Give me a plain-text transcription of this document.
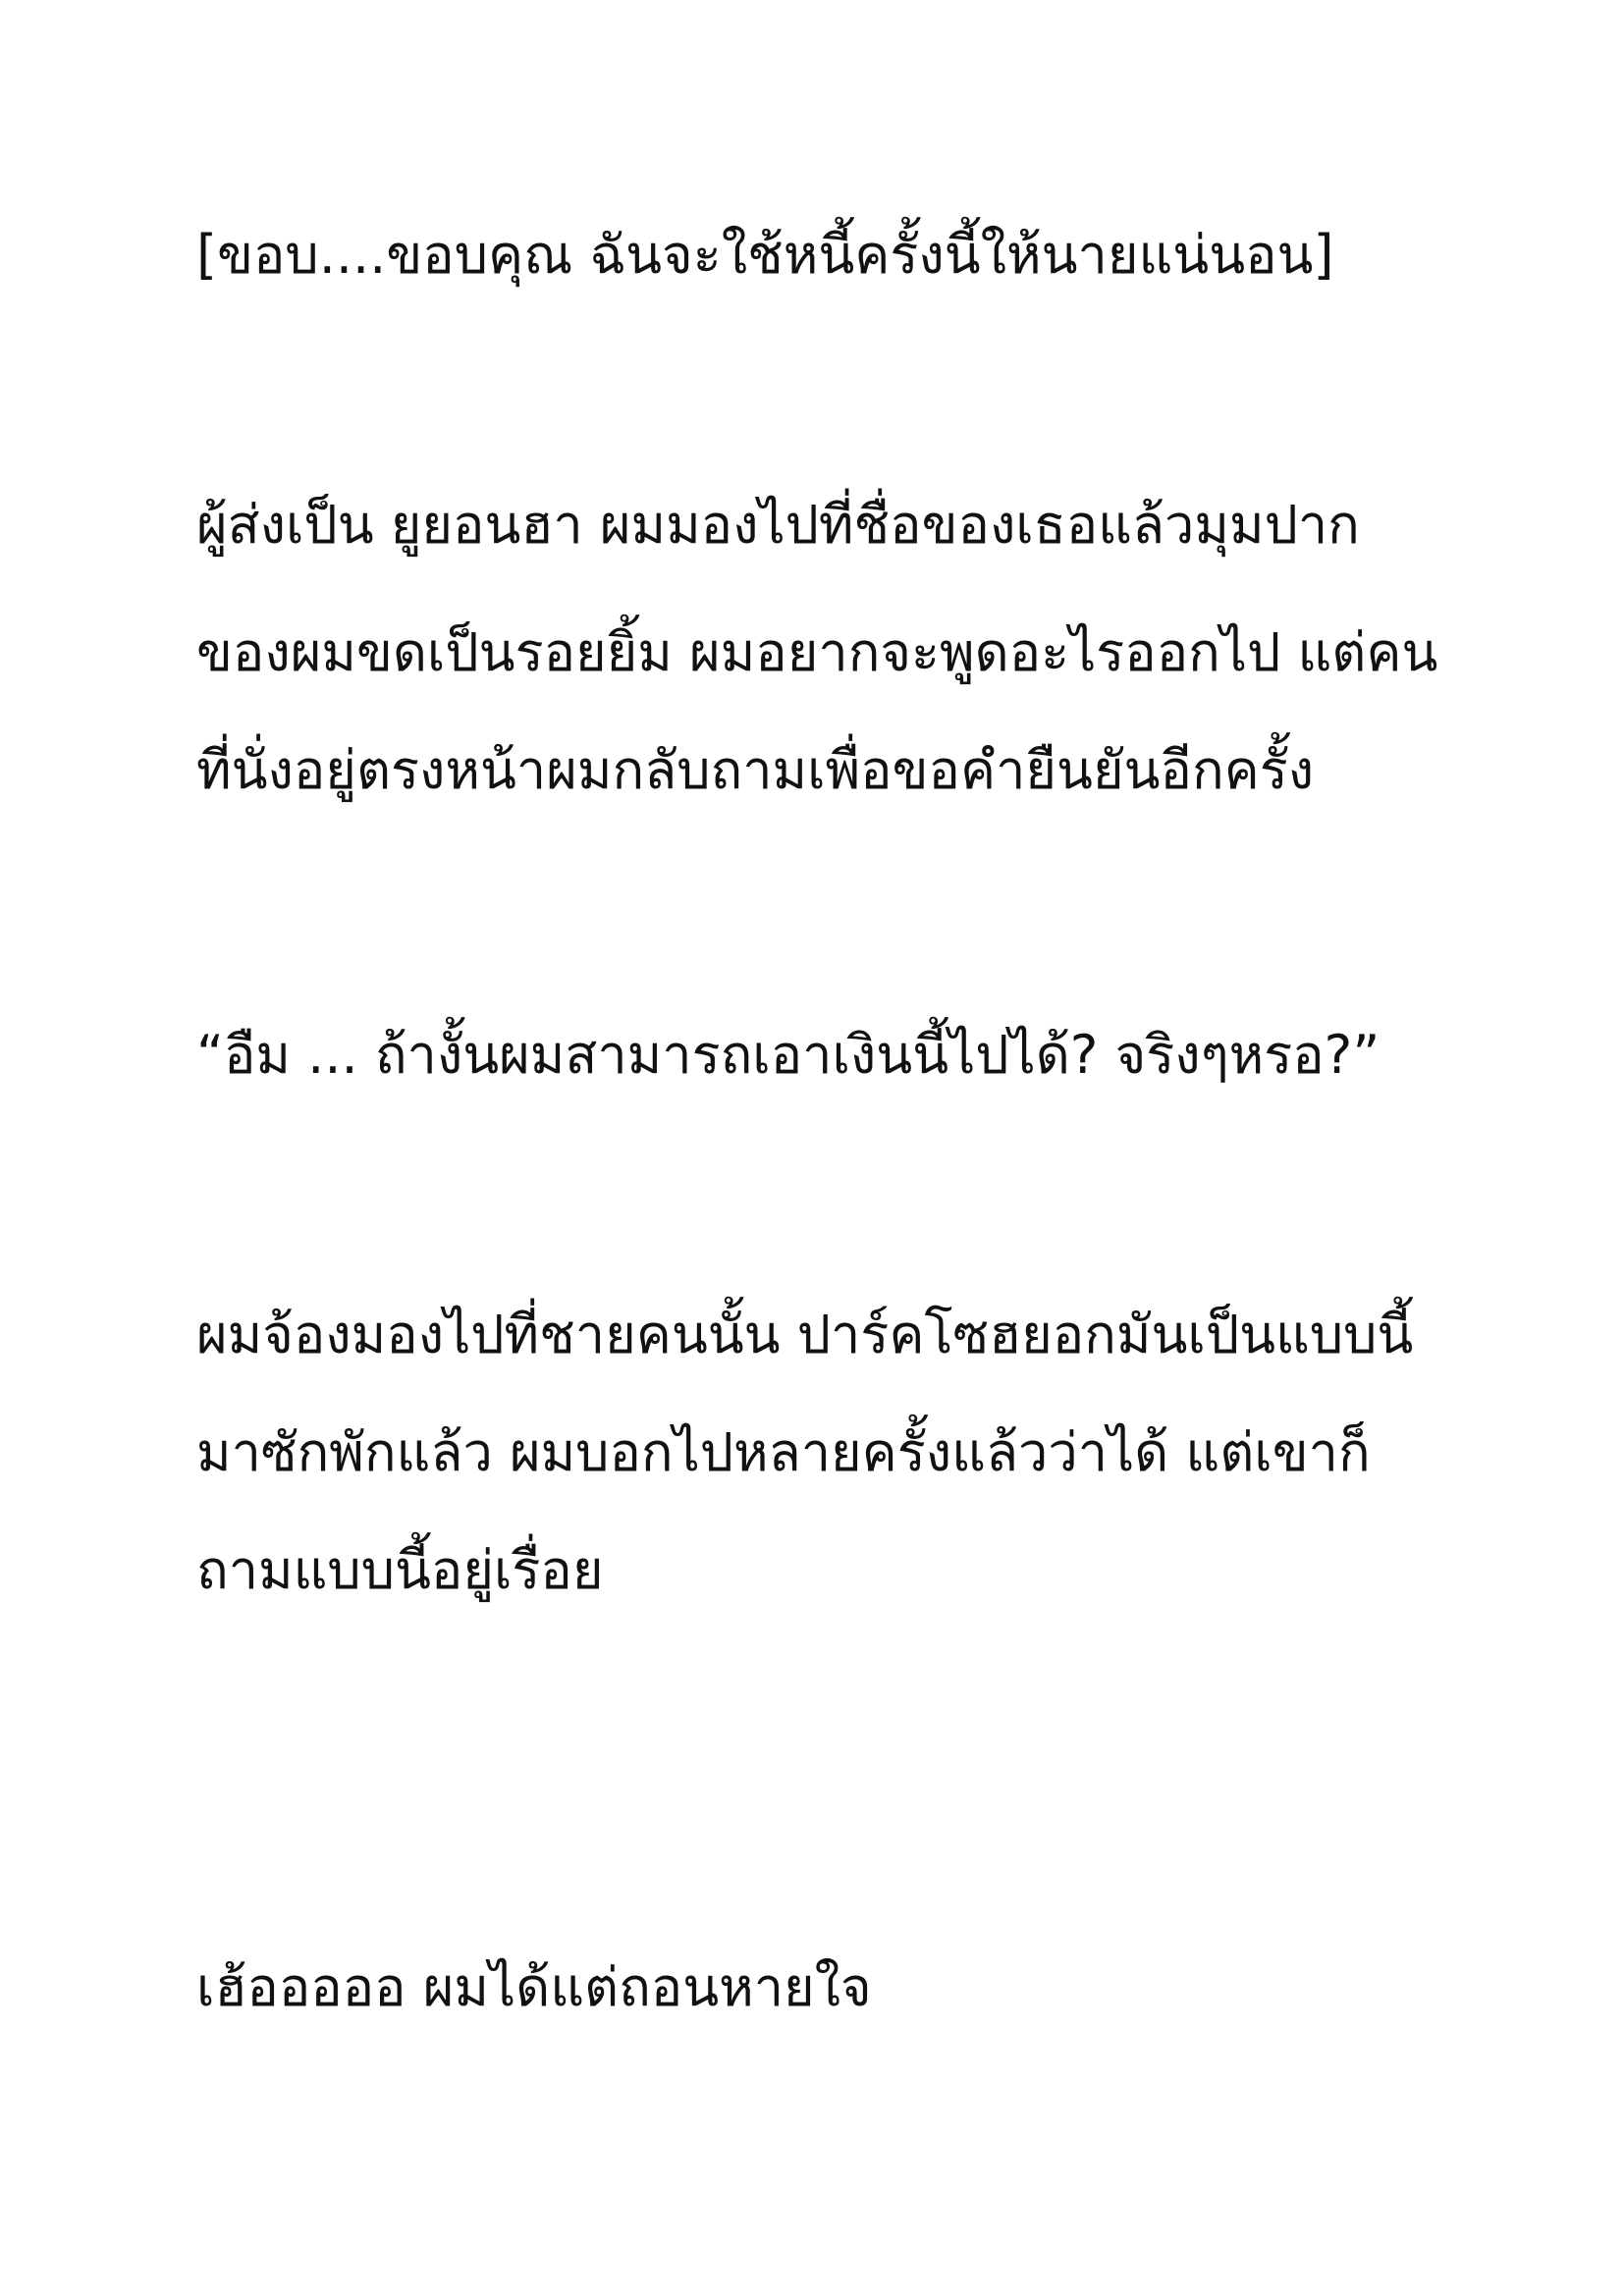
[ขอบ....ขอบคุณ ฉันจะใช้หนี้ครั้งนี้ให้นายแน่นอน]
ผู้ส่งเป็น ยูยอนฮา ผมมองไปที่ชื่อของเธอแล้วมุมปาก
ของผมขดเป็นรอยยิ้ม ผมอยากจะพูดอะไรออกไป แต่คน
ที่นั่งอยู่ตรงหน้าผมกลับถามเพื่อขอคำยืนยันอีกครั้ง
“อืม ... ถ้างั้นผมสามารถเอาเงินนี้ไปได้? จริงๆหรอ?”
ผมจ้องมองไปที่ชายคนนั้น ปาร์คโซฮยอกมันเป็นแบบนี้
มาซักพักแล้ว ผมบอกไปหลายครั้งแล้วว่าได้ แต่เขาก็
ถามแบบนี้อยู่เรื่อย
เฮ้อออออ ผมได้แต่ถอนหายใจ
